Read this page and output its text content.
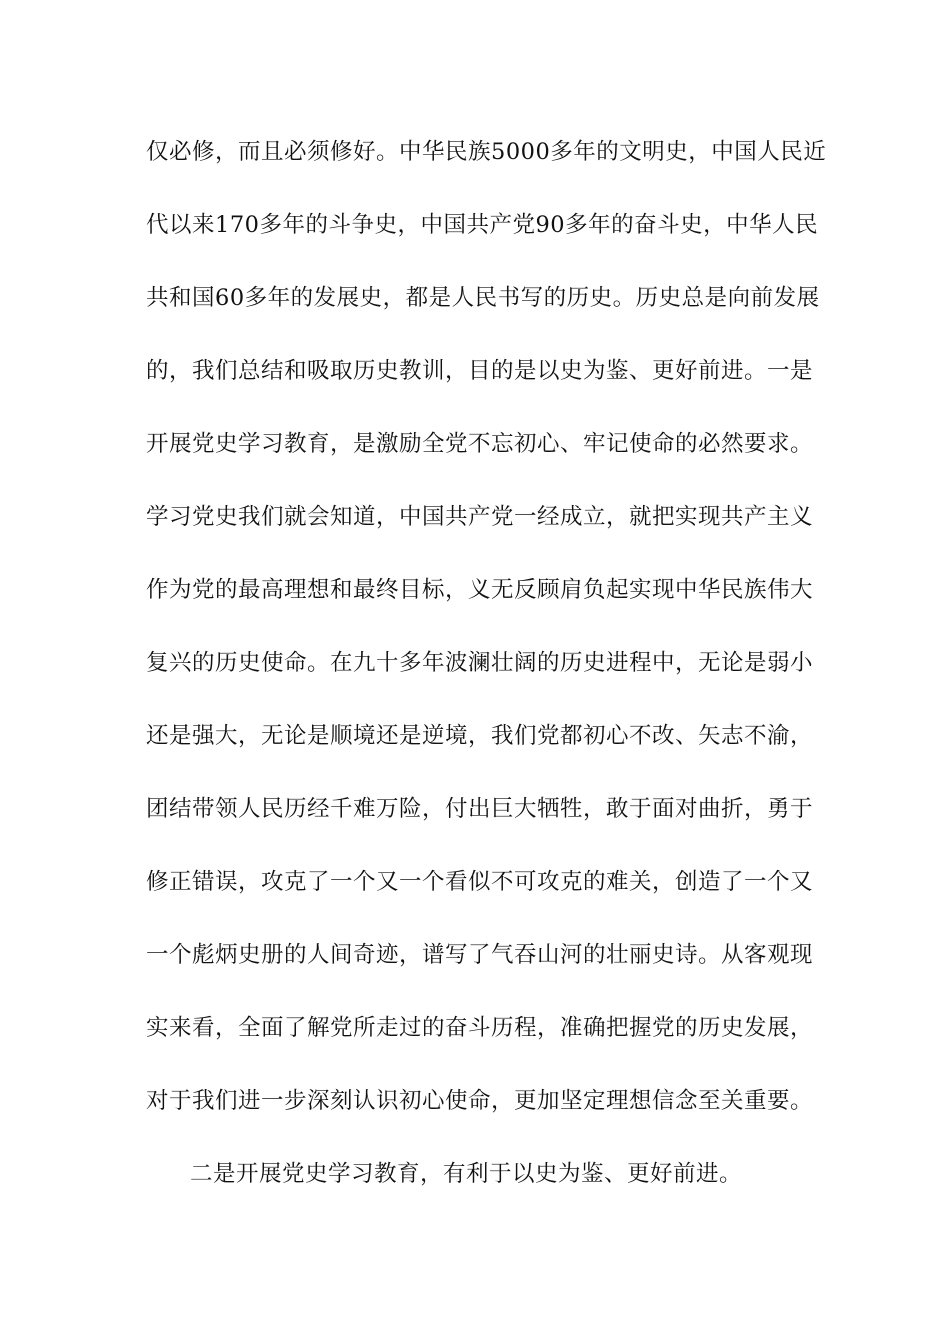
仅必修，而且必须修好。中华民族5000多年的文明史，中国人民近
代以来170多年的斗争史，中国共产党90多年的奋斗史，中华人民
共和国60多年的发展史，都是人民书写的历史。历史总是向前发展
的，我们总结和吸取历史教训，目的是以史为鉴、更好前进。一是
开展党史学习教育，是激励全党不忘初心、牢记使命的必然要求。
学习党史我们就会知道，中国共产党一经成立，就把实现共产主义
作为党的最高理想和最终目标，义无反顾肩负起实现中华民族伟大
复兴的历史使命。在九十多年波澜壮阔的历史进程中，无论是弱小
还是强大，无论是顺境还是逆境，我们党都初心不改、矢志不渝，
团结带领人民历经千难万险，付出巨大牺牲，敢于面对曲折，勇于
修正错误，攻克了一个又一个看似不可攻克的难关，创造了一个又
一个彪炳史册的人间奇迹，谱写了气吞山河的壮丽史诗。从客观现
实来看，全面了解党所走过的奋斗历程，准确把握党的历史发展，
对于我们进一步深刻认识初心使命，更加坚定理想信念至关重要。
二是开展党史学习教育，有利于以史为鉴、更好前进。
